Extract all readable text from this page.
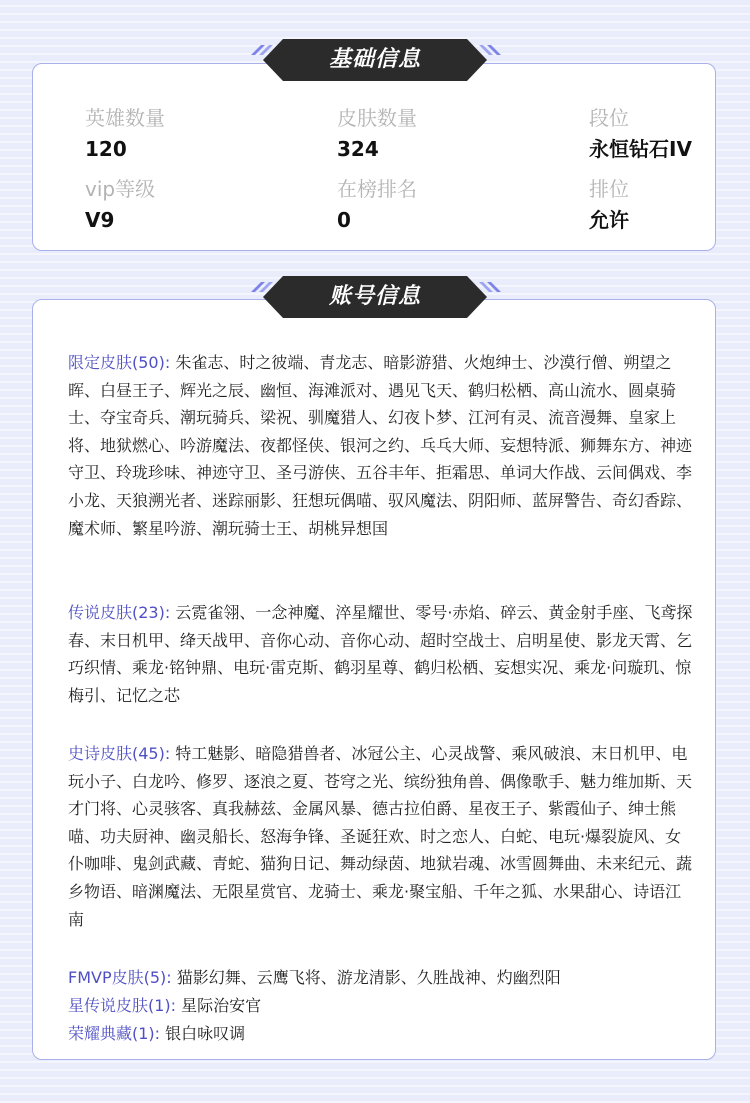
英雄数量
120
皮肤数量
324
段位
永恒钻石IV
vip等级
V9
在榜排名
0
排位
允许
基础信息
账号信息
限定皮肤(50): 朱雀志、时之彼端、青龙志、暗影游猎、火炮绅士、沙漠行僧、朔望之晖、白昼王子、辉光之辰、幽恒、海滩派对、遇见飞天、鹤归松栖、高山流水、圆桌骑士、夺宝奇兵、潮玩骑兵、梁祝、驯魔猎人、幻夜卜梦、江河有灵、流音漫舞、皇家上将、地狱燃心、吟游魔法、夜都怪侠、银河之约、乓乓大师、妄想特派、狮舞东方、神迹守卫、玲珑珍味、神迹守卫、圣弓游侠、五谷丰年、拒霜思、单词大作战、云间偶戏、李小龙、天狼溯光者、迷踪丽影、狂想玩偶喵、驭风魔法、阴阳师、蓝屏警告、奇幻香踪、魔术师、繁星吟游、潮玩骑士王、胡桃异想国
传说皮肤(23): 云霓雀翎、一念神魔、淬星耀世、零号·赤焰、碎云、黄金射手座、飞鸢探春、末日机甲、绛天战甲、音你心动、音你心动、超时空战士、启明星使、影龙天霄、乞巧织情、乘龙·铭钟鼎、电玩·雷克斯、鹤羽星尊、鹤归松栖、妄想实况、乘龙·问璇玑、惊梅引、记忆之芯
史诗皮肤(45): 特工魅影、暗隐猎兽者、冰冠公主、心灵战警、乘风破浪、末日机甲、电玩小子、白龙吟、修罗、逐浪之夏、苍穹之光、缤纷独角兽、偶像歌手、魅力维加斯、天才门将、心灵骇客、真我赫兹、金属风暴、德古拉伯爵、星夜王子、紫霞仙子、绅士熊喵、功夫厨神、幽灵船长、怒海争锋、圣诞狂欢、时之恋人、白蛇、电玩·爆裂旋风、女仆咖啡、鬼剑武藏、青蛇、猫狗日记、舞动绿茵、地狱岩魂、冰雪圆舞曲、未来纪元、蔬乡物语、暗渊魔法、无限星赏官、龙骑士、乘龙·聚宝船、千年之狐、水果甜心、诗语江南
FMVP皮肤(5): 猫影幻舞、云鹰飞将、游龙清影、久胜战神、灼幽烈阳
星传说皮肤(1): 星际治安官
荣耀典藏(1): 银白咏叹调
